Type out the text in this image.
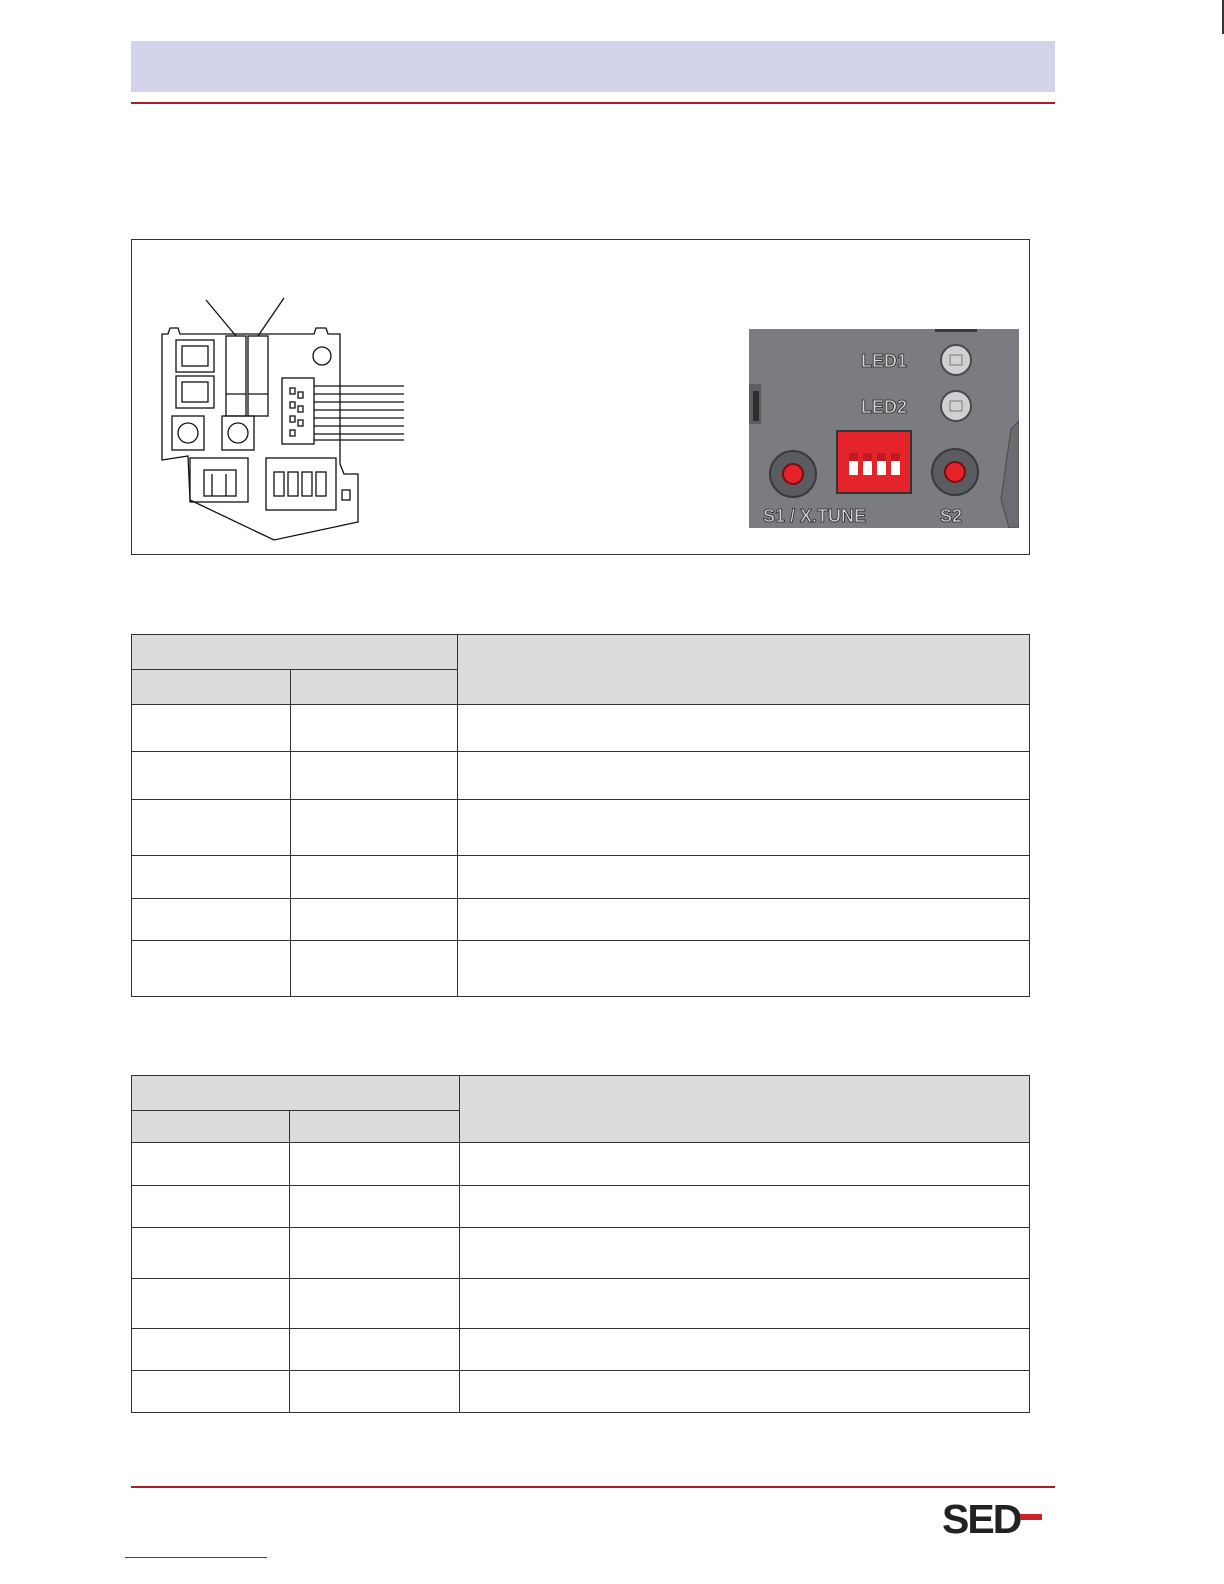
LED1
LED2
S1 / X.TUNE	S2

SED
